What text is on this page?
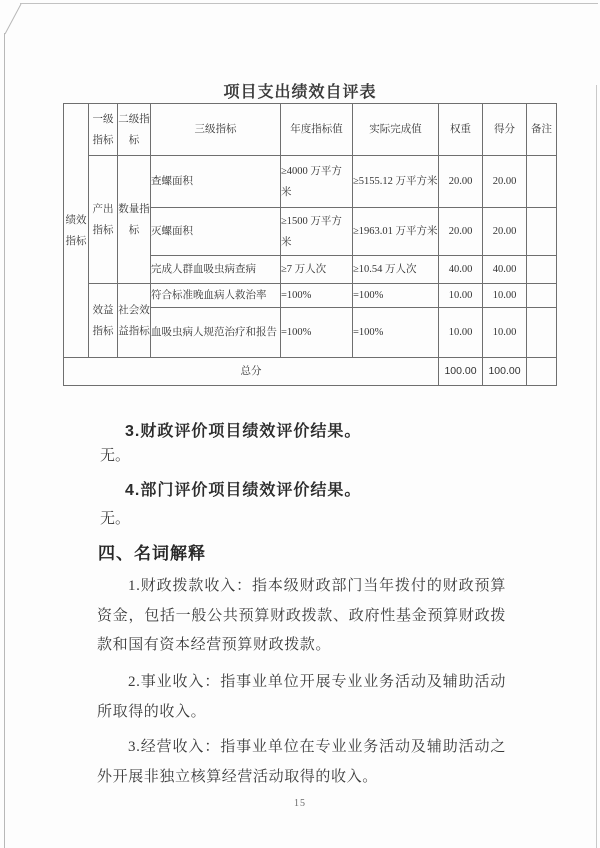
项目支出绩效自评表
绩效指标	一级指标	二级指标	三级指标	年度指标值	实际完成值	权重	得分	备注
	产出指标	数量指标	查螺面积	≥4000 万平方米	≥5155.12 万平方米	20.00	20.00	
			灭螺面积	≥1500 万平方米	≥1963.01 万平方米	20.00	20.00	
			完成人群血吸虫病查病	≥7 万人次	≥10.54 万人次	40.00	40.00	
	效益指标	社会效益指标	符合标准晚血病人救治率	=100%	=100%	10.00	10.00	
			血吸虫病人规范治疗和报告	=100%	=100%	10.00	10.00	
总分						100.00	100.00	
3.财政评价项目绩效评价结果。
无。
4.部门评价项目绩效评价结果。
无。
四、名词解释
1.财政拨款收入：指本级财政部门当年拨付的财政预算资金，包括一般公共预算财政拨款、政府性基金预算财政拨款和国有资本经营预算财政拨款。
2.事业收入：指事业单位开展专业业务活动及辅助活动所取得的收入。
3.经营收入：指事业单位在专业业务活动及辅助活动之外开展非独立核算经营活动取得的收入。
15
